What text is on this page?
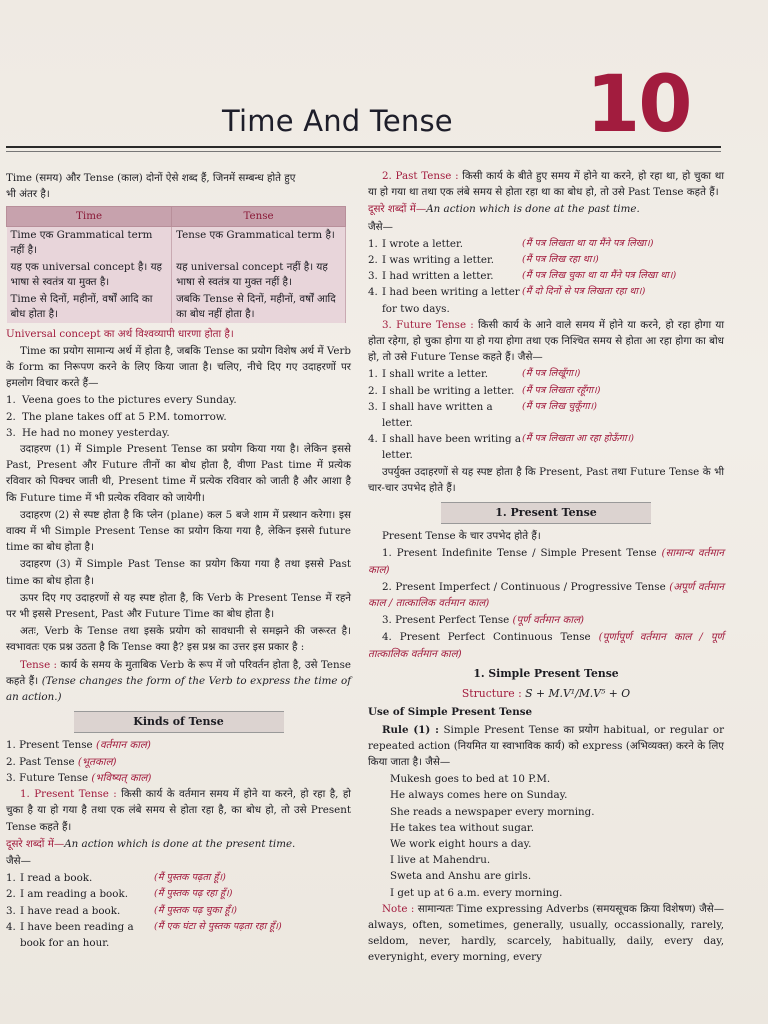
Time And Tense 10

Time (समय) और Tense (काल) दोनों ऐसे शब्द हैं, जिनमें सम्बन्ध होते हुए
भी अंतर है।

Time	Tense
Time एक Grammatical term नहीं है।	Tense एक Grammatical term है।
यह एक universal concept है। यह भाषा से स्वतंत्र या मुक्त है।	यह universal concept नहीं है। यह भाषा से स्वतंत्र या मुक्त नहीं है।
Time से दिनों, महीनों, वर्षों आदि का बोध होता है।	जबकि Tense से दिनों, महीनों, वर्षों आदि का बोध नहीं होता है।

Universal concept का अर्थ विश्वव्यापी धारणा होता है।

Time का प्रयोग सामान्य अर्थ में होता है, जबकि Tense का प्रयोग विशेष अर्थ में Verb के form का निरूपण करने के लिए किया जाता है। चलिए, नीचे दिए गए उदाहरणों पर हमलोग विचार करते हैं—

1. Veena goes to the pictures every Sunday.
2. The plane takes off at 5 P.M. tomorrow.
3. He had no money yesterday.

उदाहरण (1) में Simple Present Tense का प्रयोग किया गया है। लेकिन इससे Past, Present और Future तीनों का बोध होता है, वीणा Past time में प्रत्येक रविवार को पिक्चर जाती थी, Present time में प्रत्येक रविवार को जाती है और आशा है कि Future time में भी प्रत्येक रविवार को जायेगी।

उदाहरण (2) से स्पष्ट होता है कि प्लेन (plane) कल 5 बजे शाम में प्रस्थान करेगा। इस वाक्य में भी Simple Present Tense का प्रयोग किया गया है, लेकिन इससे future time का बोध होता है।

उदाहरण (3) में Simple Past Tense का प्रयोग किया गया है तथा इससे Past time का बोध होता है।

ऊपर दिए गए उदाहरणों से यह स्पष्ट होता है, कि Verb के Present Tense में रहने पर भी इससे Present, Past और Future Time का बोध होता है।

अतः, Verb के Tense तथा इसके प्रयोग को सावधानी से समझने की जरूरत है। स्वभावतः एक प्रश्न उठता है कि Tense क्या है? इस प्रश्न का उत्तर इस प्रकार है :

Tense : कार्य के समय के मुताबिक Verb के रूप में जो परिवर्तन होता है, उसे Tense कहते हैं। (Tense changes the form of the Verb to express the time of an action.)

Kinds of Tense
1. Present Tense (वर्तमान काल)
2. Past Tense (भूतकाल)
3. Future Tense (भविष्यत् काल)

1. Present Tense : किसी कार्य के वर्तमान समय में होने या करने, हो रहा है, हो चुका है या हो गया है तथा एक लंबे समय से होता रहा है, का बोध हो, तो उसे Present Tense कहते हैं।

दूसरे शब्दों में—An action which is done at the present time.

जैसे—

1. I read a book.	(मैं पुस्तक पढ़ता हूँ।)
2. I am reading a book.	(मैं पुस्तक पढ़ रहा हूँ।)
3. I have read a book.	(मैं पुस्तक पढ़ चुका हूँ।)
4. I have been reading a book for an hour.
(मैं एक घंटा से पुस्तक पढ़ता रहा हूँ।)

2. Past Tense : किसी कार्य के बीते हुए समय में होने या करने, हो रहा था, हो चुका था या हो गया था तथा एक लंबे समय से होता रहा था का बोध हो, तो उसे Past Tense कहते हैं।

दूसरे शब्दों में—An action which is done at the past time.

जैसे—

1. I wrote a letter.	(मैं पत्र लिखता था या मैंने पत्र लिखा।)
2. I was writing a letter.	(मैं पत्र लिख रहा था।)
3. I had written a letter.	(मैं पत्र लिख चुका था या मैंने पत्र लिखा था।)
4. I had been writing a letter for two days.
(मैं दो दिनों से पत्र लिखता रहा था।)

3. Future Tense : किसी कार्य के आने वाले समय में होने या करने, हो रहा होगा या होता रहेगा, हो चुका होगा या हो गया होगा तथा एक निश्चित समय से होता आ रहा होगा का बोध हो, तो उसे Future Tense कहते हैं। जैसे—

1. I shall write a letter.	(मैं पत्र लिखूँगा।)
2. I shall be writing a letter. (मैं पत्र लिखता रहूँगा।)
3. I shall have written a letter.
(मैं पत्र लिख चुकूँगा।)
4. I shall have been writing a letter.
(मैं पत्र लिखता आ रहा होऊँगा।)

उपर्युक्त उदाहरणों से यह स्पष्ट होता है कि Present, Past तथा Future Tense के भी चार-चार उपभेद होते हैं।

1. Present Tense

Present Tense के चार उपभेद होते हैं।

1. Present Indefinite Tense / Simple Present Tense (सामान्य वर्तमान काल)

2. Present Imperfect / Continuous / Progressive Tense (अपूर्ण वर्तमान काल / तात्कालिक वर्तमान काल)

3. Present Perfect Tense (पूर्ण वर्तमान काल)

4. Present Perfect Continuous Tense (पूर्णापूर्ण वर्तमान काल / पूर्ण तात्कालिक वर्तमान काल)

1. Simple Present Tense
Structure : S + M.V¹/M.V⁵ + O

Use of Simple Present Tense

Rule (1) : Simple Present Tense का प्रयोग habitual, or regular or repeated action (नियमित या स्वाभाविक कार्य) को express (अभिव्यक्त) करने के लिए किया जाता है। जैसे—

Mukesh goes to bed at 10 P.M.
He always comes here on Sunday.
She reads a newspaper every morning.
He takes tea without sugar.
We work eight hours a day.
I live at Mahendru.
Sweta and Anshu are girls.
I get up at 6 a.m. every morning.

Note : सामान्यतः Time expressing Adverbs (समयसूचक क्रिया विशेषण) जैसे—always, often, sometimes, generally, usually, occassionally, rarely, seldom, never, hardly, scarcely, habitually, daily, every day, everynight, every morning, every
